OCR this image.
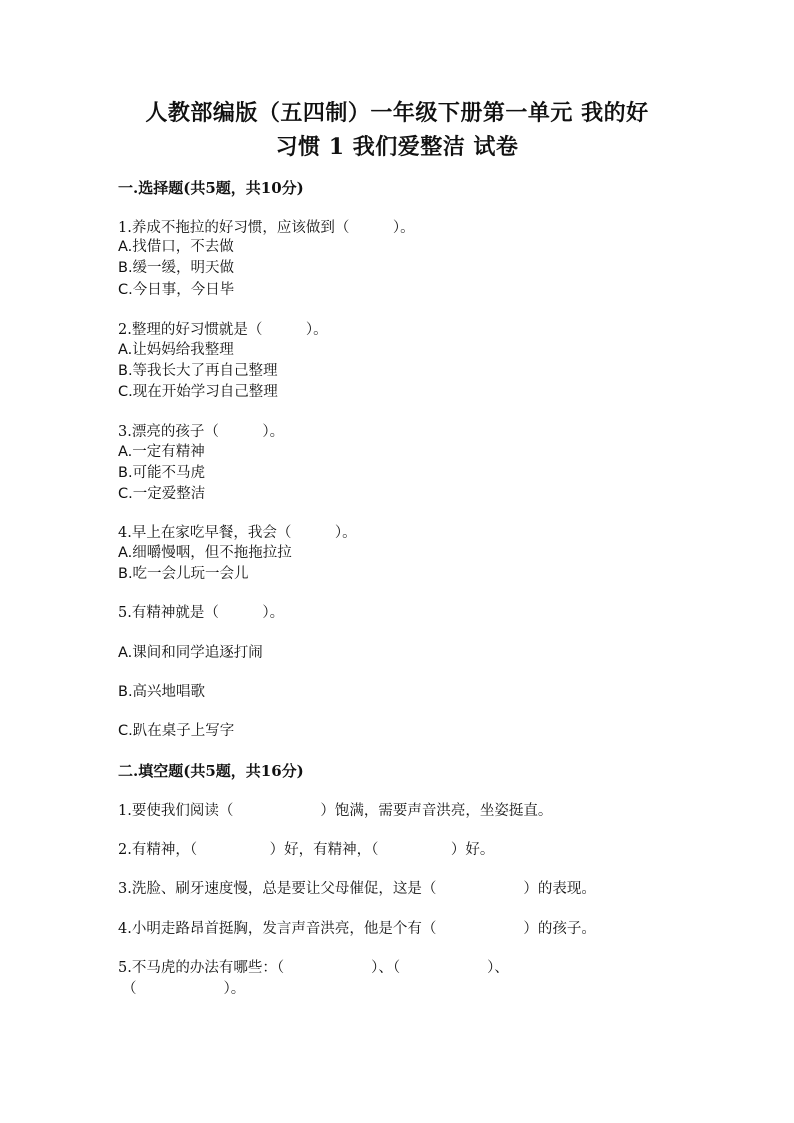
人教部编版（五四制）一年级下册第一单元 我的好
习惯 1 我们爱整洁 试卷
一.选择题(共5题，共10分)
1.养成不拖拉的好习惯，应该做到（　　　）。
A.找借口，不去做
B.缓一缓，明天做
C.今日事，今日毕
2.整理的好习惯就是（　　　）。
A.让妈妈给我整理
B.等我长大了再自己整理
C.现在开始学习自己整理
3.漂亮的孩子（　　　）。
A.一定有精神
B.可能不马虎
C.一定爱整洁
4.早上在家吃早餐，我会（　　　）。
A.细嚼慢咽，但不拖拖拉拉
B.吃一会儿玩一会儿
5.有精神就是（　　　）。
A.课间和同学追逐打闹
B.高兴地唱歌
C.趴在桌子上写字
二.填空题(共5题，共16分)
1.要使我们阅读（　　　　　　）饱满，需要声音洪亮，坐姿挺直。
2.有精神，（　　　　　）好，有精神，（　　　　　）好。
3.洗脸、刷牙速度慢，总是要让父母催促，这是（　　　　　　）的表现。
4.小明走路昂首挺胸，发言声音洪亮，他是个有（　　　　　　）的孩子。
5.不马虎的办法有哪些：（　　　　　　）、（　　　　　　）、
（　　　　　　）。
